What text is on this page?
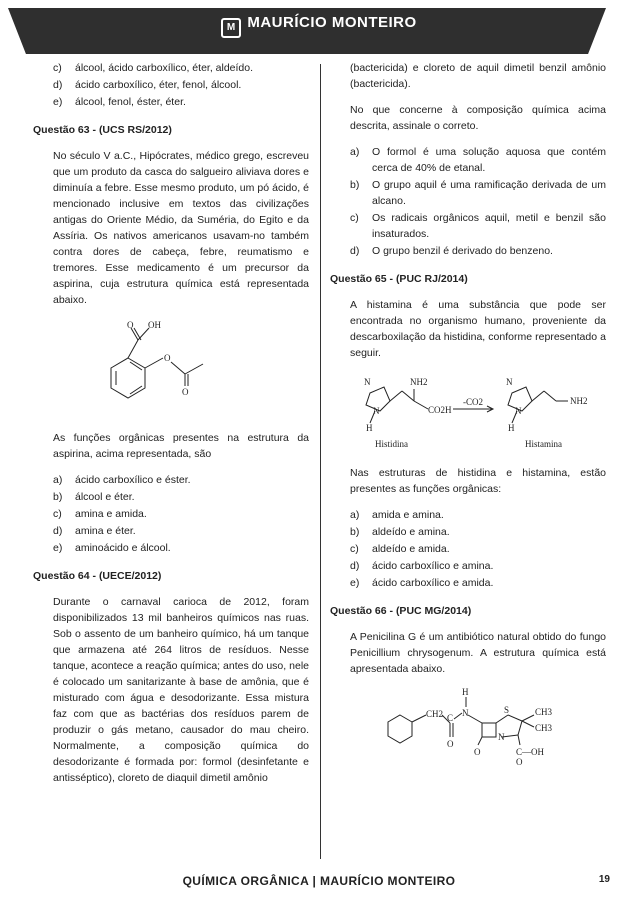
M MAURÍCIO MONTEIRO
c)	álcool, ácido carboxílico, éter, aldeído.
d)	ácido carboxílico, éter, fenol, álcool.
e)	álcool, fenol, éster, éter.
Questão 63 - (UCS RS/2012)

No século V a.C., Hipócrates, médico grego, escreveu que um produto da casca do salgueiro aliviava dores e diminuía a febre. Esse mesmo produto, um pó ácido, é mencionado inclusive em textos das civilizações antigas do Oriente Médio, da Suméria, do Egito e da Assíria. Os nativos americanos usavam-no também contra dores de cabeça, febre, reumatismo e tremores. Esse medicamento é um precursor da aspirina, cuja estrutura química está representada abaixo.

O OH
O
O

As funções orgânicas presentes na estrutura da aspirina, acima representada, são

a)	ácido carboxílico e éster.
b)	álcool e éter.
c)	amina e amida.
d)	amina e éter.
e)	aminoácido e álcool.
Questão 64 - (UECE/2012)

Durante o carnaval carioca de 2012, foram disponibilizados 13 mil banheiros químicos nas ruas. Sob o assento de um banheiro químico, há um tanque que armazena até 264 litros de resíduos. Nesse tanque, acontece a reação química; antes do uso, nele é colocado um sanitarizante à base de amônia, que é misturado com água e desodorizante. Essa mistura faz com que as bactérias dos resíduos parem de produzir o gás metano, causador do mau cheiro. Normalmente, a composição química do desodorizante é formada por: formol (desinfetante e antisséptico), cloreto de diaquil dimetil amônio

(bactericida) e cloreto de aquil dimetil benzil amônio (bactericida).

No que concerne à composição química acima descrita, assinale o correto.

a)	O formol é uma solução aquosa que contém cerca de 40% de etanal.
b)	O grupo aquil é uma ramificação derivada de um alcano.
c)	Os radicais orgânicos aquil, metil e benzil são insaturados.
d)	O grupo benzil é derivado do benzeno.
Questão 65 - (PUC RJ/2014)

A histamina é uma substância que pode ser encontrada no organismo humano, proveniente da descarboxilação da histidina, conforme representado a seguir.

N
N
NH2
CO2H
H
-CO2
N
N
NH2
H
Histidina	Histamina

Nas estruturas de histidina e histamina, estão presentes as funções orgânicas:

a)	amida e amina.
b)	aldeído e amina.
c)	aldeído e amida.
d)	ácido carboxílico e amina.
e)	ácido carboxílico e amida.
Questão 66 - (PUC MG/2014)

A Penicilina G é um antibiótico natural obtido do fungo Penicillium chrysogenum. A estrutura química está apresentada abaixo.

H
CH2 C N	S	CH3
CH3
O
O
N
C—OH
O
QUÍMICA ORGÂNICA | MAURÍCIO MONTEIRO	19
